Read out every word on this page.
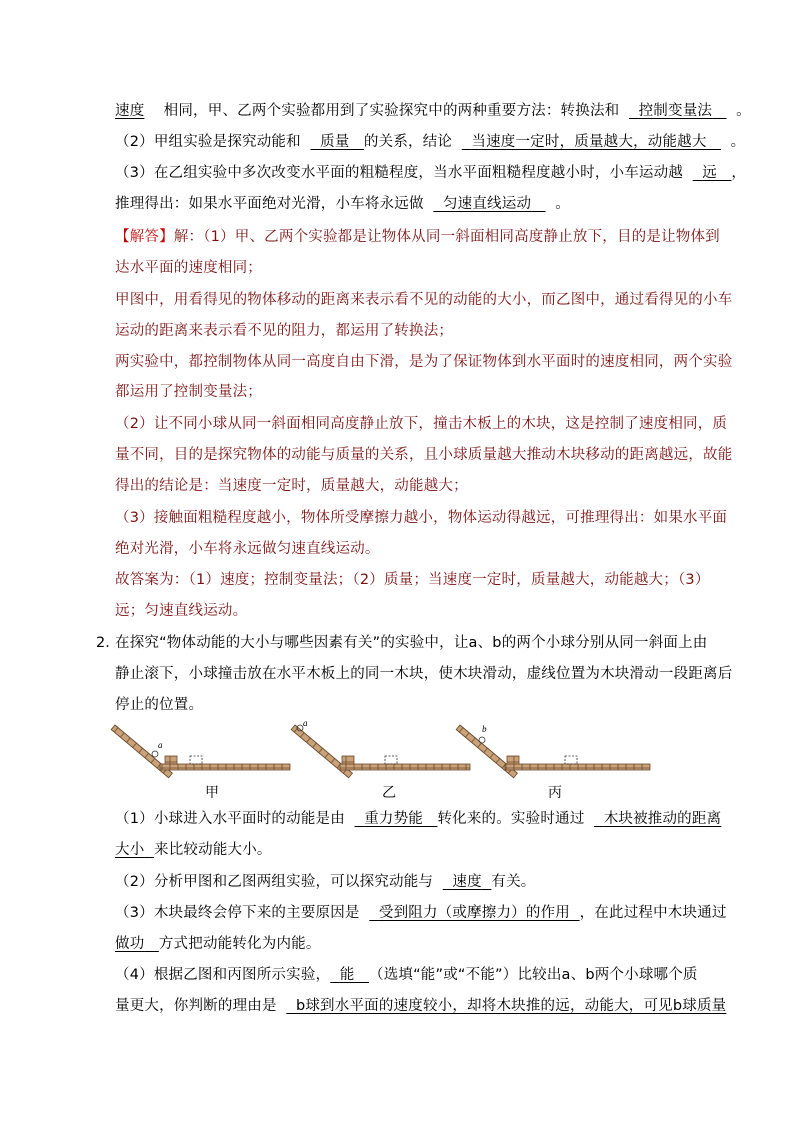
速度 相同，甲、乙两个实验都用到了实验探究中的两种重要方法：转换法和 控制变量法 。
（2）甲组实验是探究动能和 质量 的关系，结论 当速度一定时，质量越大，动能越大 。
（3）在乙组实验中多次改变水平面的粗糙程度，当水平面粗糙程度越小时，小车运动越 远 ，
推理得出：如果水平面绝对光滑，小车将永远做 匀速直线运动 。
【解答】解：（1）甲、乙两个实验都是让物体从同一斜面相同高度静止放下，目的是让物体到
达水平面的速度相同；
甲图中，用看得见的物体移动的距离来表示看不见的动能的大小，而乙图中，通过看得见的小车
运动的距离来表示看不见的阻力，都运用了转换法；
两实验中，都控制物体从同一高度自由下滑，是为了保证物体到水平面时的速度相同，两个实验
都运用了控制变量法；
（2）让不同小球从同一斜面相同高度静止放下，撞击木板上的木块，这是控制了速度相同，质
量不同，目的是探究物体的动能与质量的关系，且小球质量越大推动木块移动的距离越远，故能
得出的结论是：当速度一定时，质量越大，动能越大；
（3）接触面粗糙程度越小，物体所受摩擦力越小，物体运动得越远，可推理得出：如果水平面
绝对光滑，小车将永远做匀速直线运动。
故答案为：（1）速度；控制变量法；（2）质量；当速度一定时，质量越大，动能越大；（3）
远；匀速直线运动。
2．
在探究“物体动能的大小与哪些因素有关”的实验中，让a、b的两个小球分别从同一斜面上由
静止滚下，小球撞击放在水平木板上的同一木块，使木块滑动，虚线位置为木块滑动一段距离后
停止的位置。
a
a
b
甲	乙	丙
（1）小球进入水平面时的动能是由 重力势能 转化来的。实验时通过 木块被推动的距离
大小 来比较动能大小。
（2）分析甲图和乙图两组实验，可以探究动能与 速度 有关。
（3）木块最终会停下来的主要原因是 受到阻力（或摩擦力）的作用 ，在此过程中木块通过
做功 方式把动能转化为内能。
（4）根据乙图和丙图所示实验， 能 （选填“能”或“不能”）比较出a、b两个小球哪个质
量更大，你判断的理由是 b球到水平面的速度较小，却将木块推的远，动能大，可见b球质量
